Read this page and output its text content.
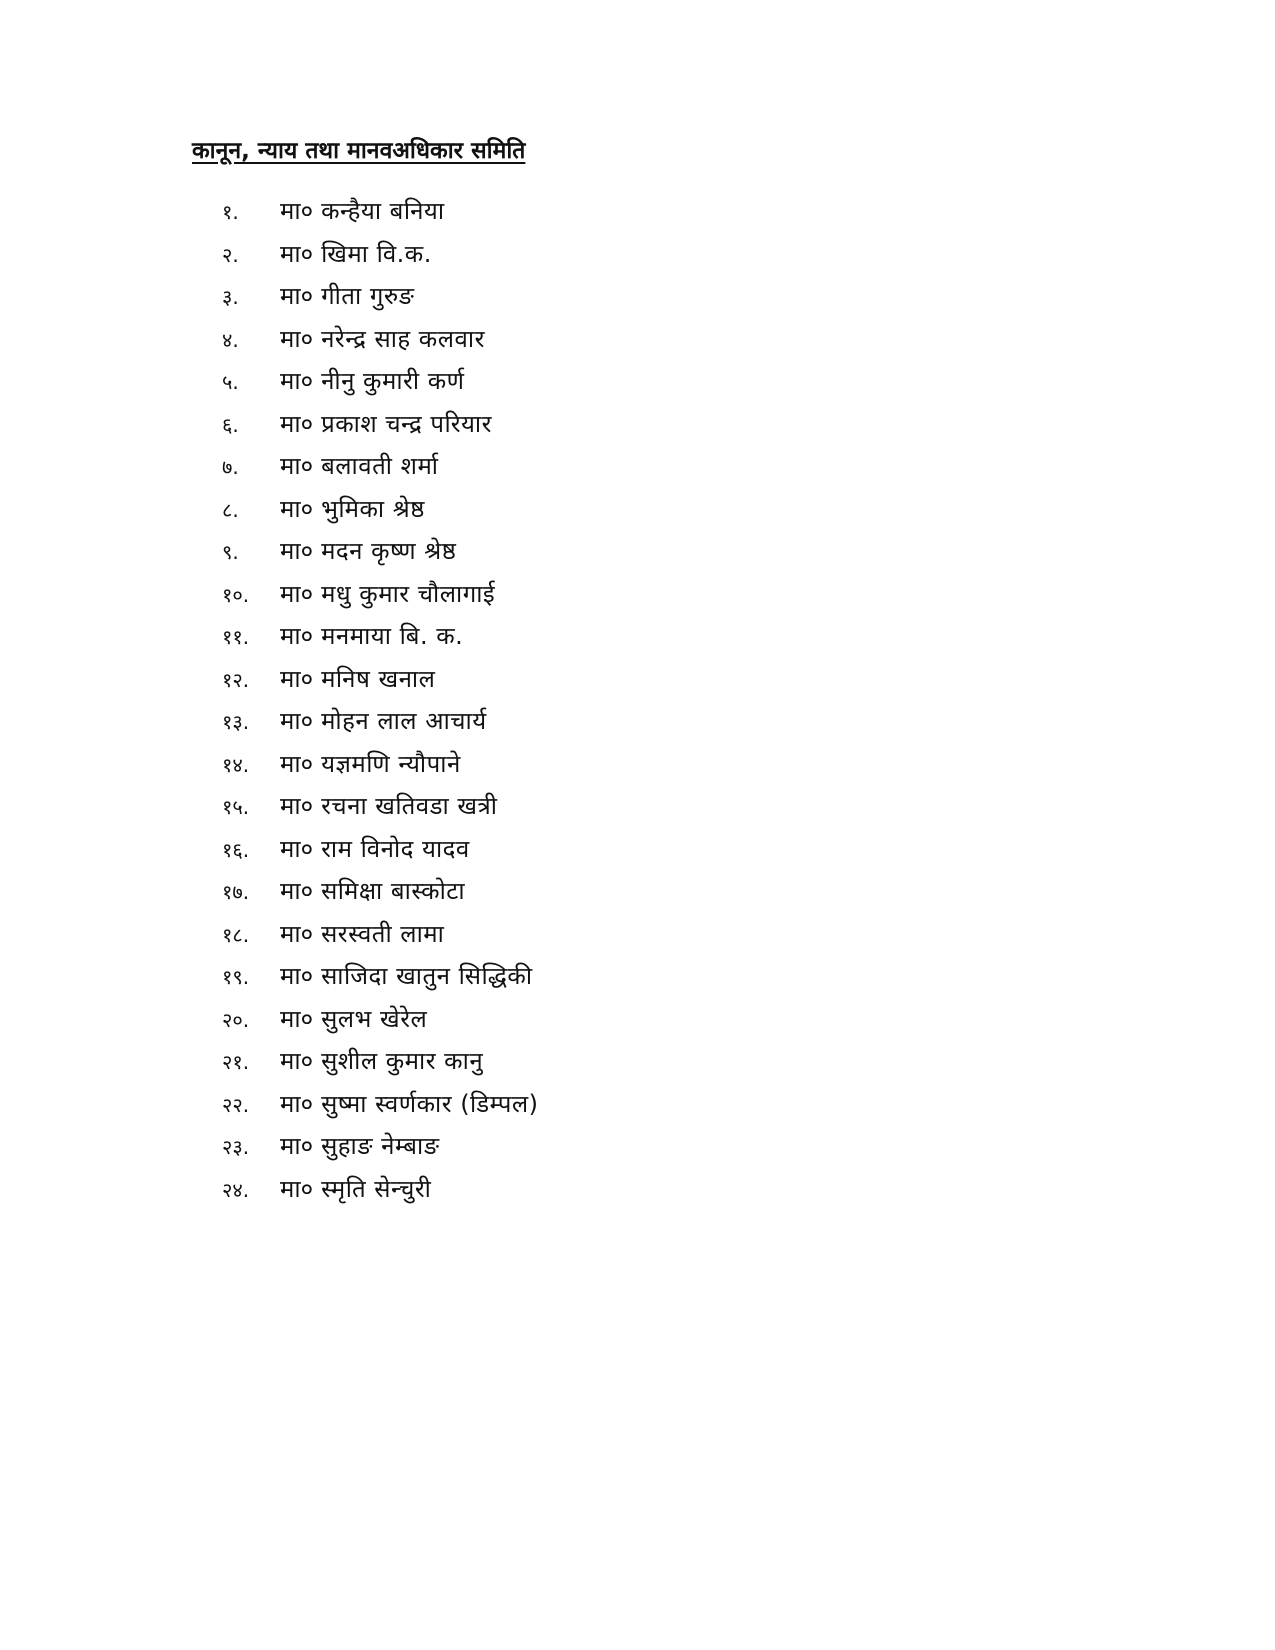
कानून, न्याय तथा मानवअधिकार समिति
१.	मा० कन्हैया बनिया
२.	मा० खिमा वि.क.
३.	मा० गीता गुरुङ
४.	मा० नरेन्द्र साह कलवार
५.	मा० नीनु कुमारी कर्ण
६.	मा० प्रकाश चन्द्र परियार
७.	मा० बलावती शर्मा
८.	मा० भुमिका श्रेष्ठ
९.	मा० मदन कृष्ण श्रेष्ठ
१०.	मा० मधु कुमार चौलागाई
११.	मा० मनमाया बि. क.
१२.	मा० मनिष खनाल
१३.	मा० मोहन लाल आचार्य
१४.	मा० यज्ञमणि न्यौपाने
१५.	मा० रचना खतिवडा खत्री
१६.	मा० राम विनोद यादव
१७.	मा० समिक्षा बास्कोटा
१८.	मा० सरस्वती लामा
१९.	मा० साजिदा खातुन सिद्धिकी
२०.	मा० सुलभ खेरेल
२१.	मा० सुशील कुमार कानु
२२.	मा० सुष्मा स्वर्णकार (डिम्पल)
२३.	मा० सुहाङ नेम्बाङ
२४.	मा० स्मृति सेन्चुरी
